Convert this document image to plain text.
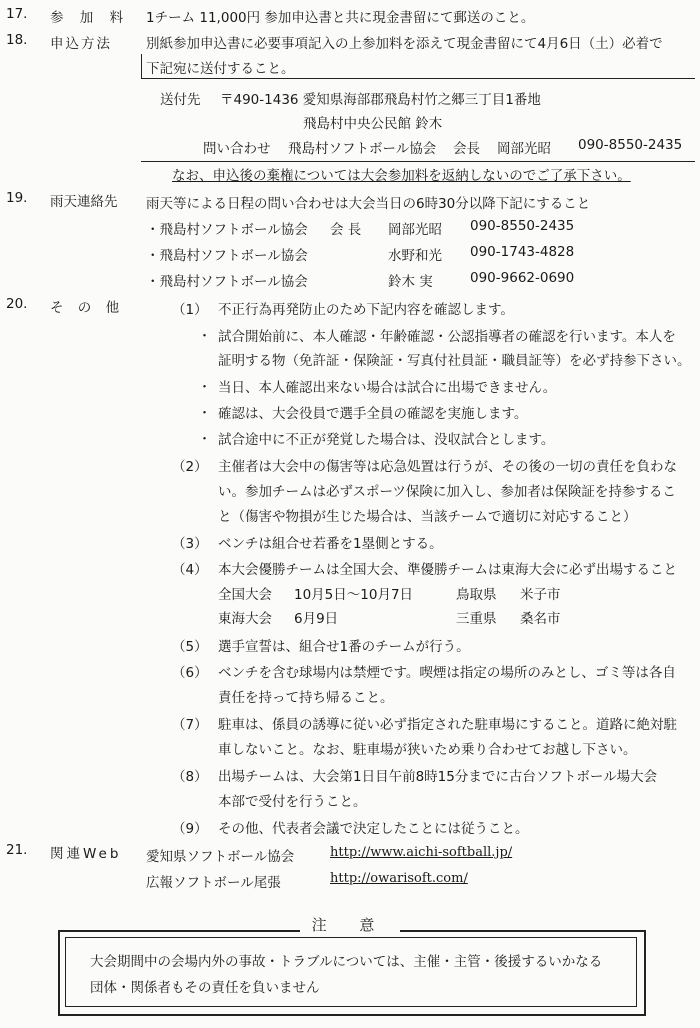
17. 参 加 料 1チーム 11,000円 参加申込書と共に現金書留にて郵送のこと。
18. 申込方法	別紙参加申込書に必要事項記入の上参加料を添えて現金書留にて4月6日（土）必着で
下記宛に送付すること。
送付先 〒490-1436 愛知県海部郡飛島村竹之郷三丁目1番地
飛島村中央公民館 鈴木
問い合わせ 飛島村ソフトボール協会 会長 岡部光昭 090-8550-2435
なお、申込後の棄権については大会参加料を返納しないのでご了承下さい。
19. 雨天連絡先 雨天等による日程の問い合わせは大会当日の6時30分以降下記にすること
・飛島村ソフトボール協会 会 長 岡部光昭 090-8550-2435
・飛島村ソフトボール協会	水野和光 090-1743-4828
・飛島村ソフトボール協会	鈴木 実	090-9662-0690
20. そ の 他	（1） 不正行為再発防止のため下記内容を確認します。
・ 試合開始前に、本人確認・年齢確認・公認指導者の確認を行います。本人を
証明する物（免許証・保険証・写真付社員証・職員証等）を必ず持参下さい。
・ 当日、本人確認出来ない場合は試合に出場できません。
・ 確認は、大会役員で選手全員の確認を実施します。
・ 試合途中に不正が発覚した場合は、没収試合とします。
（2） 主催者は大会中の傷害等は応急処置は行うが、その後の一切の責任を負わな
い。参加チームは必ずスポーツ保険に加入し、参加者は保険証を持参するこ
と（傷害や物損が生じた場合は、当該チームで適切に対応すること）
（3） ベンチは組合せ若番を1塁側とする。
（4） 本大会優勝チームは全国大会、準優勝チームは東海大会に必ず出場すること
全国大会 10月5日～10月7日	鳥取県 米子市
東海大会 6月9日	三重県 桑名市
（5） 選手宣誓は、組合せ1番のチームが行う。
（6） ベンチを含む球場内は禁煙です。喫煙は指定の場所のみとし、ゴミ等は各自
責任を持って持ち帰ること。
（7） 駐車は、係員の誘導に従い必ず指定された駐車場にすること。道路に絶対駐
車しないこと。なお、駐車場が狭いため乗り合わせてお越し下さい。
（8） 出場チームは、大会第1日目午前8時15分までに古台ソフトボール場大会
本部で受付を行うこと。
（9） その他、代表者会議で決定したことには従うこと。
21. 関連Web 愛知県ソフトボール協会	http://www.aichi-softball.jp/
広報ソフトボール尾張	http://owarisoft.com/
注 意
大会期間中の会場内外の事故・トラブルについては、主催・主管・後援するいかなる
団体・関係者もその責任を負いません
